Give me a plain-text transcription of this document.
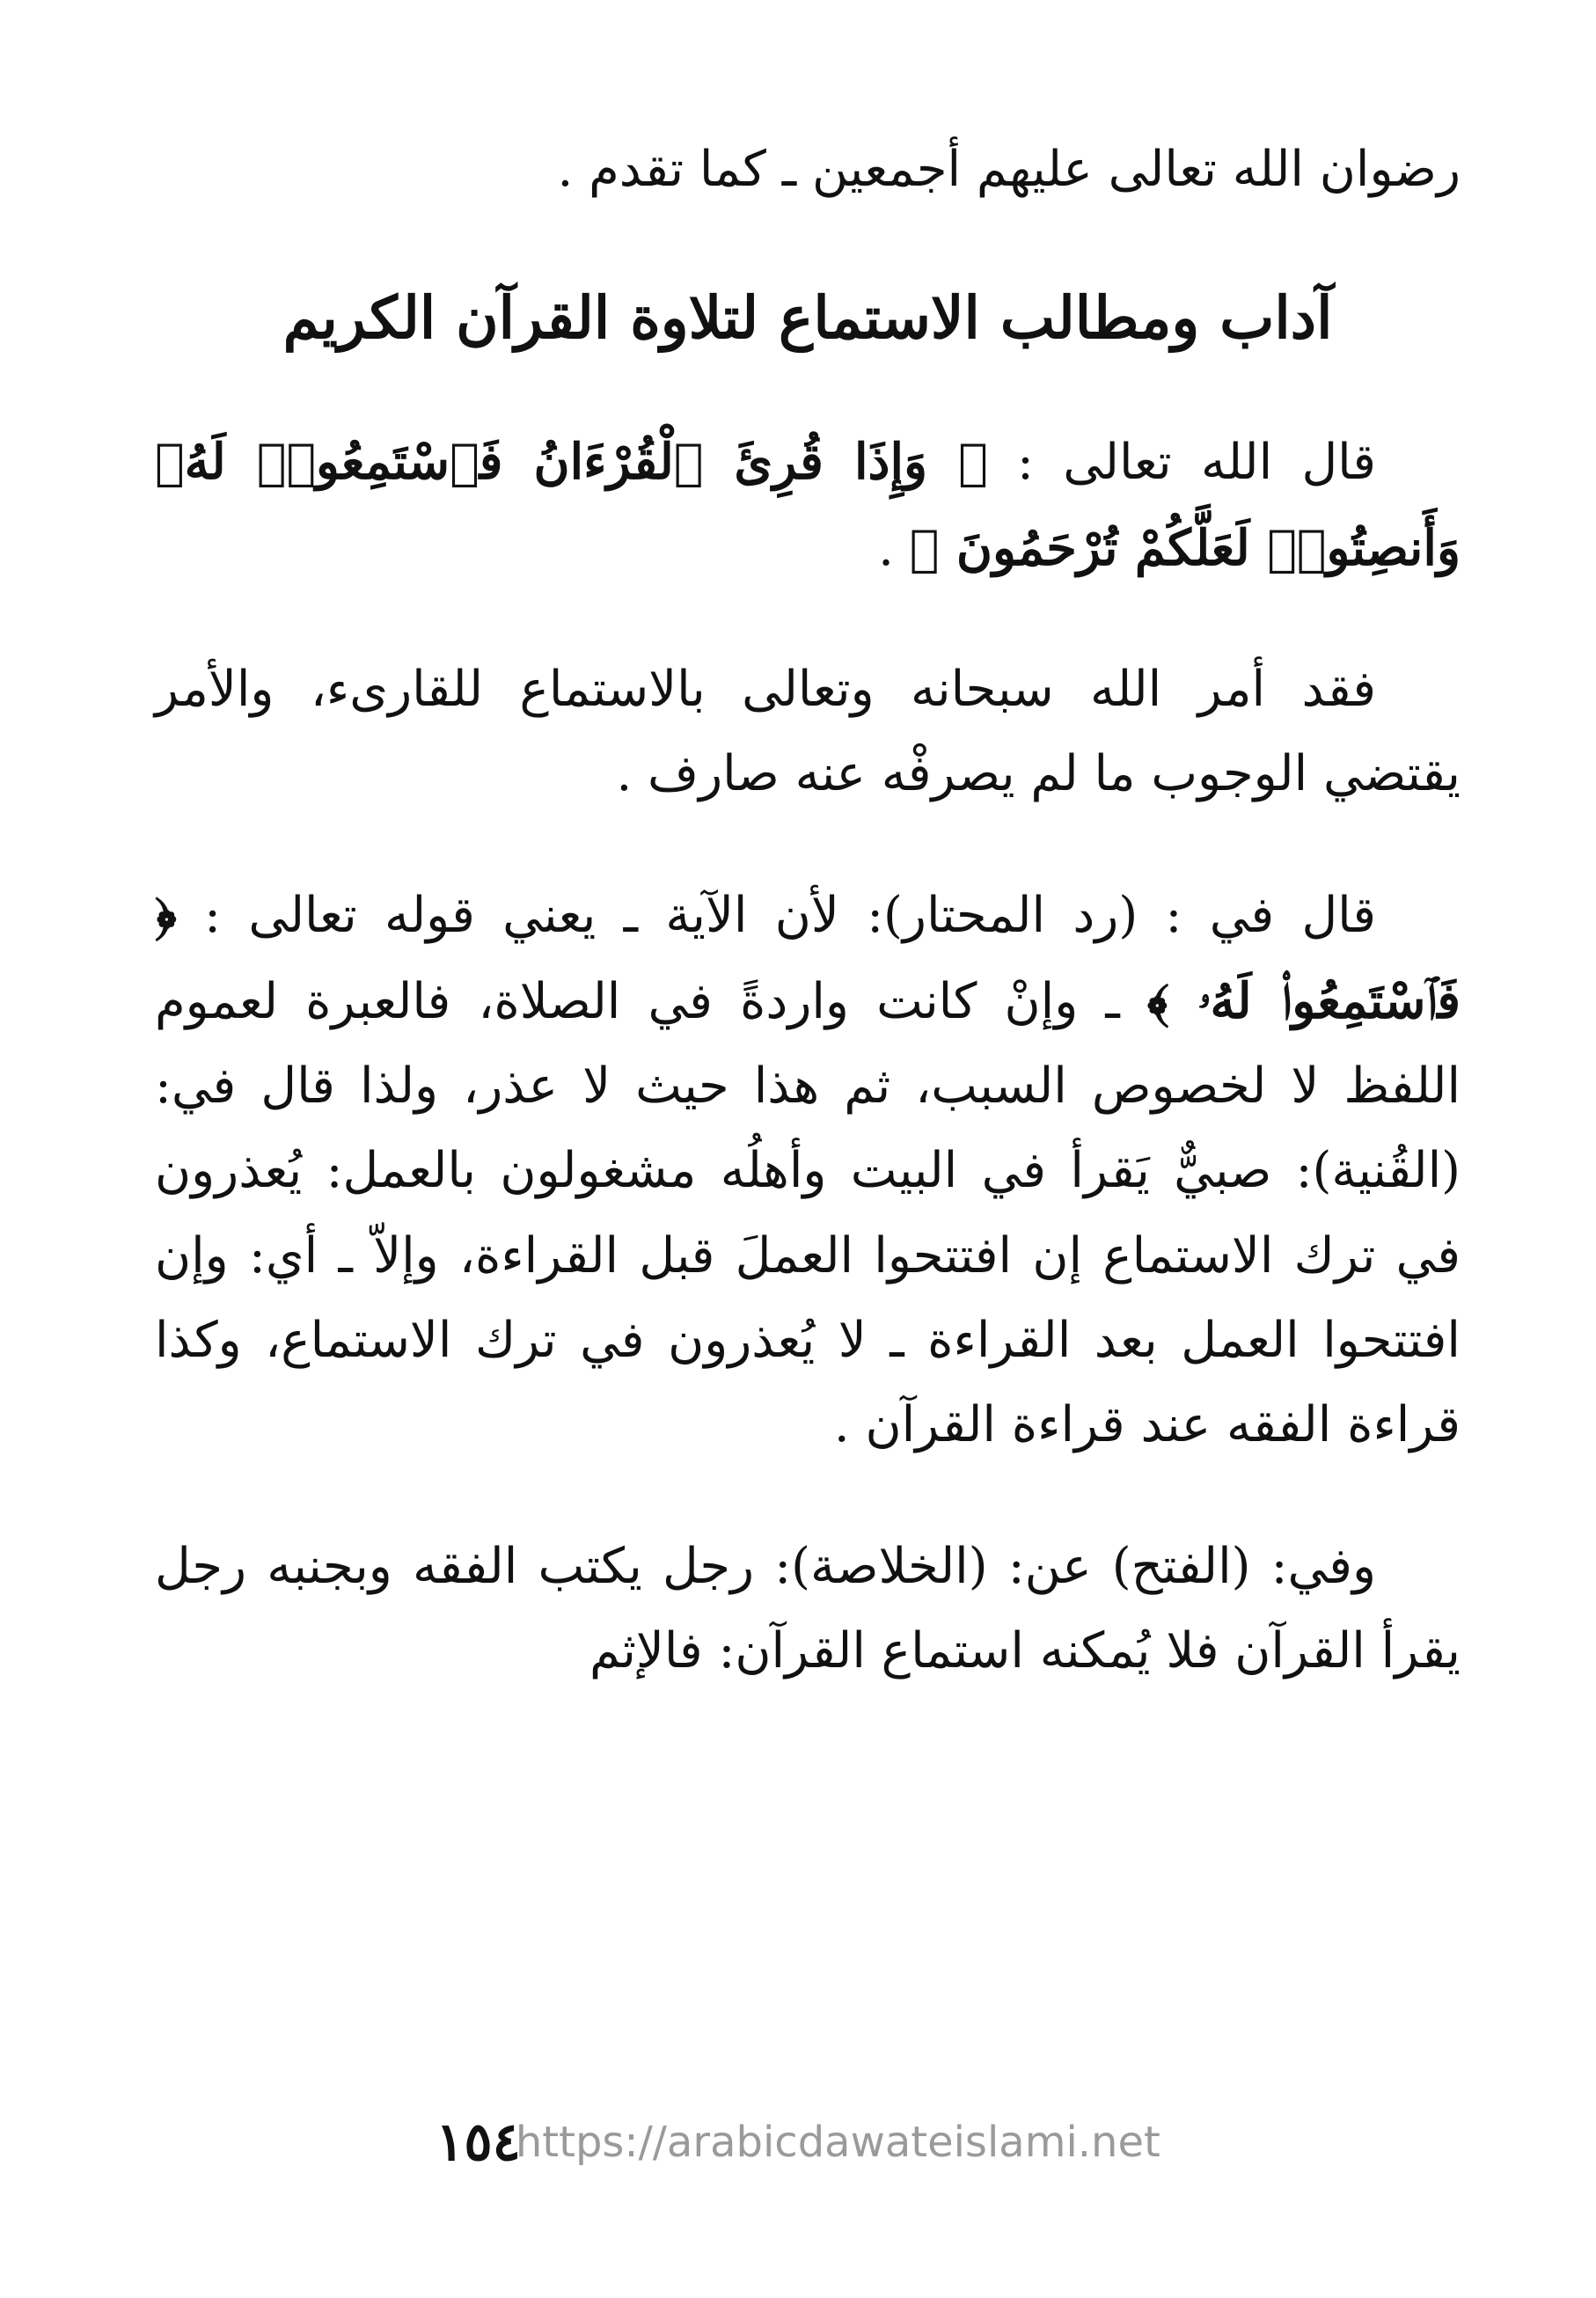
رضوان الله تعالى عليهم أجمعين ـ كما تقدم .

آداب ومطالب الاستماع لتلاوة القرآن الكريم

قال الله تعالى : ﴿ وَإِذَا قُرِئَ ٱلْقُرْءَانُ فَٱسْتَمِعُوا۟ لَهُۥ وَأَنصِتُوا۟ لَعَلَّكُمْ تُرْحَمُونَ ﴾ .

فقد أمر الله سبحانه وتعالى بالاستماع للقارىء، والأمر يقتضي الوجوب ما لم يصرفْه عنه صارف .

قال في : (رد المحتار): لأن الآية ـ يعني قوله تعالى : ﴿ فَٱسْتَمِعُوا۟ لَهُۥ ﴾ ـ وإنْ كانت واردةً في الصلاة، فالعبرة لعموم اللفظ لا لخصوص السبب، ثم هذا حيث لا عذر، ولذا قال في: (القُنية): صبيٌّ يَقرأ في البيت وأهلُه مشغولون بالعمل: يُعذرون في ترك الاستماع إن افتتحوا العملَ قبل القراءة، وإلاّ ـ أي: وإن افتتحوا العمل بعد القراءة ـ لا يُعذرون في ترك الاستماع، وكذا قراءة الفقه عند قراءة القرآن .

وفي: (الفتح) عن: (الخلاصة): رجل يكتب الفقه وبجنبه رجل يقرأ القرآن فلا يُمكنه استماع القرآن: فالإثم

١٥٤https://arabicdawateislami.net
